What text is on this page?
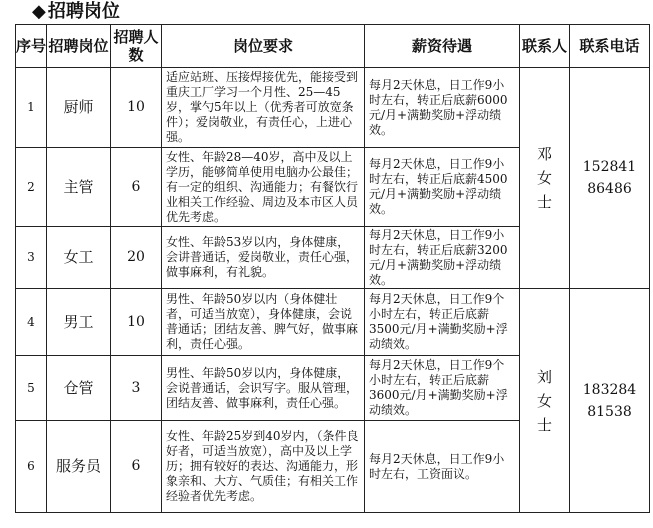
◆ 招聘岗位
序号	招聘岗位	招聘人数	岗位要求	薪资待遇	联系人	联系电话
1	厨师	10	适应站班、压接焊接优先，能接受到重庆工厂学习一个月性、25—45岁，掌勺5年以上（优秀者可放宽条件）；爱岗敬业，有责任心，上进心强。	每月2天休息，日工作9小时左右，转正后底薪6000元/月+满勤奖励+浮动绩效。	邓女士	15284186486

2	主管	6	女性、年龄28—40岁，高中及以上学历，能够简单使用电脑办公最佳；有一定的组织、沟通能力；有餐饮行业相关工作经验、周边及本市区人员优先考虑。	每月2天休息，日工作9小时左右，转正后底薪4500元/月+满勤奖励+浮动绩效。		
3	女工	20	女性、年龄53岁以内，身体健康，会讲普通话，爱岗敬业，责任心强，做事麻利，有礼貌。	每月2天休息，日工作9小时左右，转正后底薪3200元/月+满勤奖励+浮动绩效。		
4	男工	10	男性、年龄50岁以内（身体健壮者，可适当放宽），身体健康，会说普通话；团结友善、脾气好，做事麻利，责任心强。	每月2天休息，日工作9个小时左右，转正后底薪3500元/月+满勤奖励+浮动绩效。	刘女士	18328481538

5	仓管	3	男性、年龄50岁以内，身体健康，会说普通话，会识写字。服从管理，团结友善、做事麻利，责任心强。	每月2天休息，日工作9个小时左右，转正后底薪3600元/月+满勤奖励+浮动绩效。		
6	服务员	6	女性、年龄25岁到40岁内，（条件良好者，可适当放宽），高中及以上学历；拥有较好的表达、沟通能力，形象亲和、大方、气质佳；有相关工作经验者优先考虑。	每月2天休息，日工作9小时左右，工资面议。		
